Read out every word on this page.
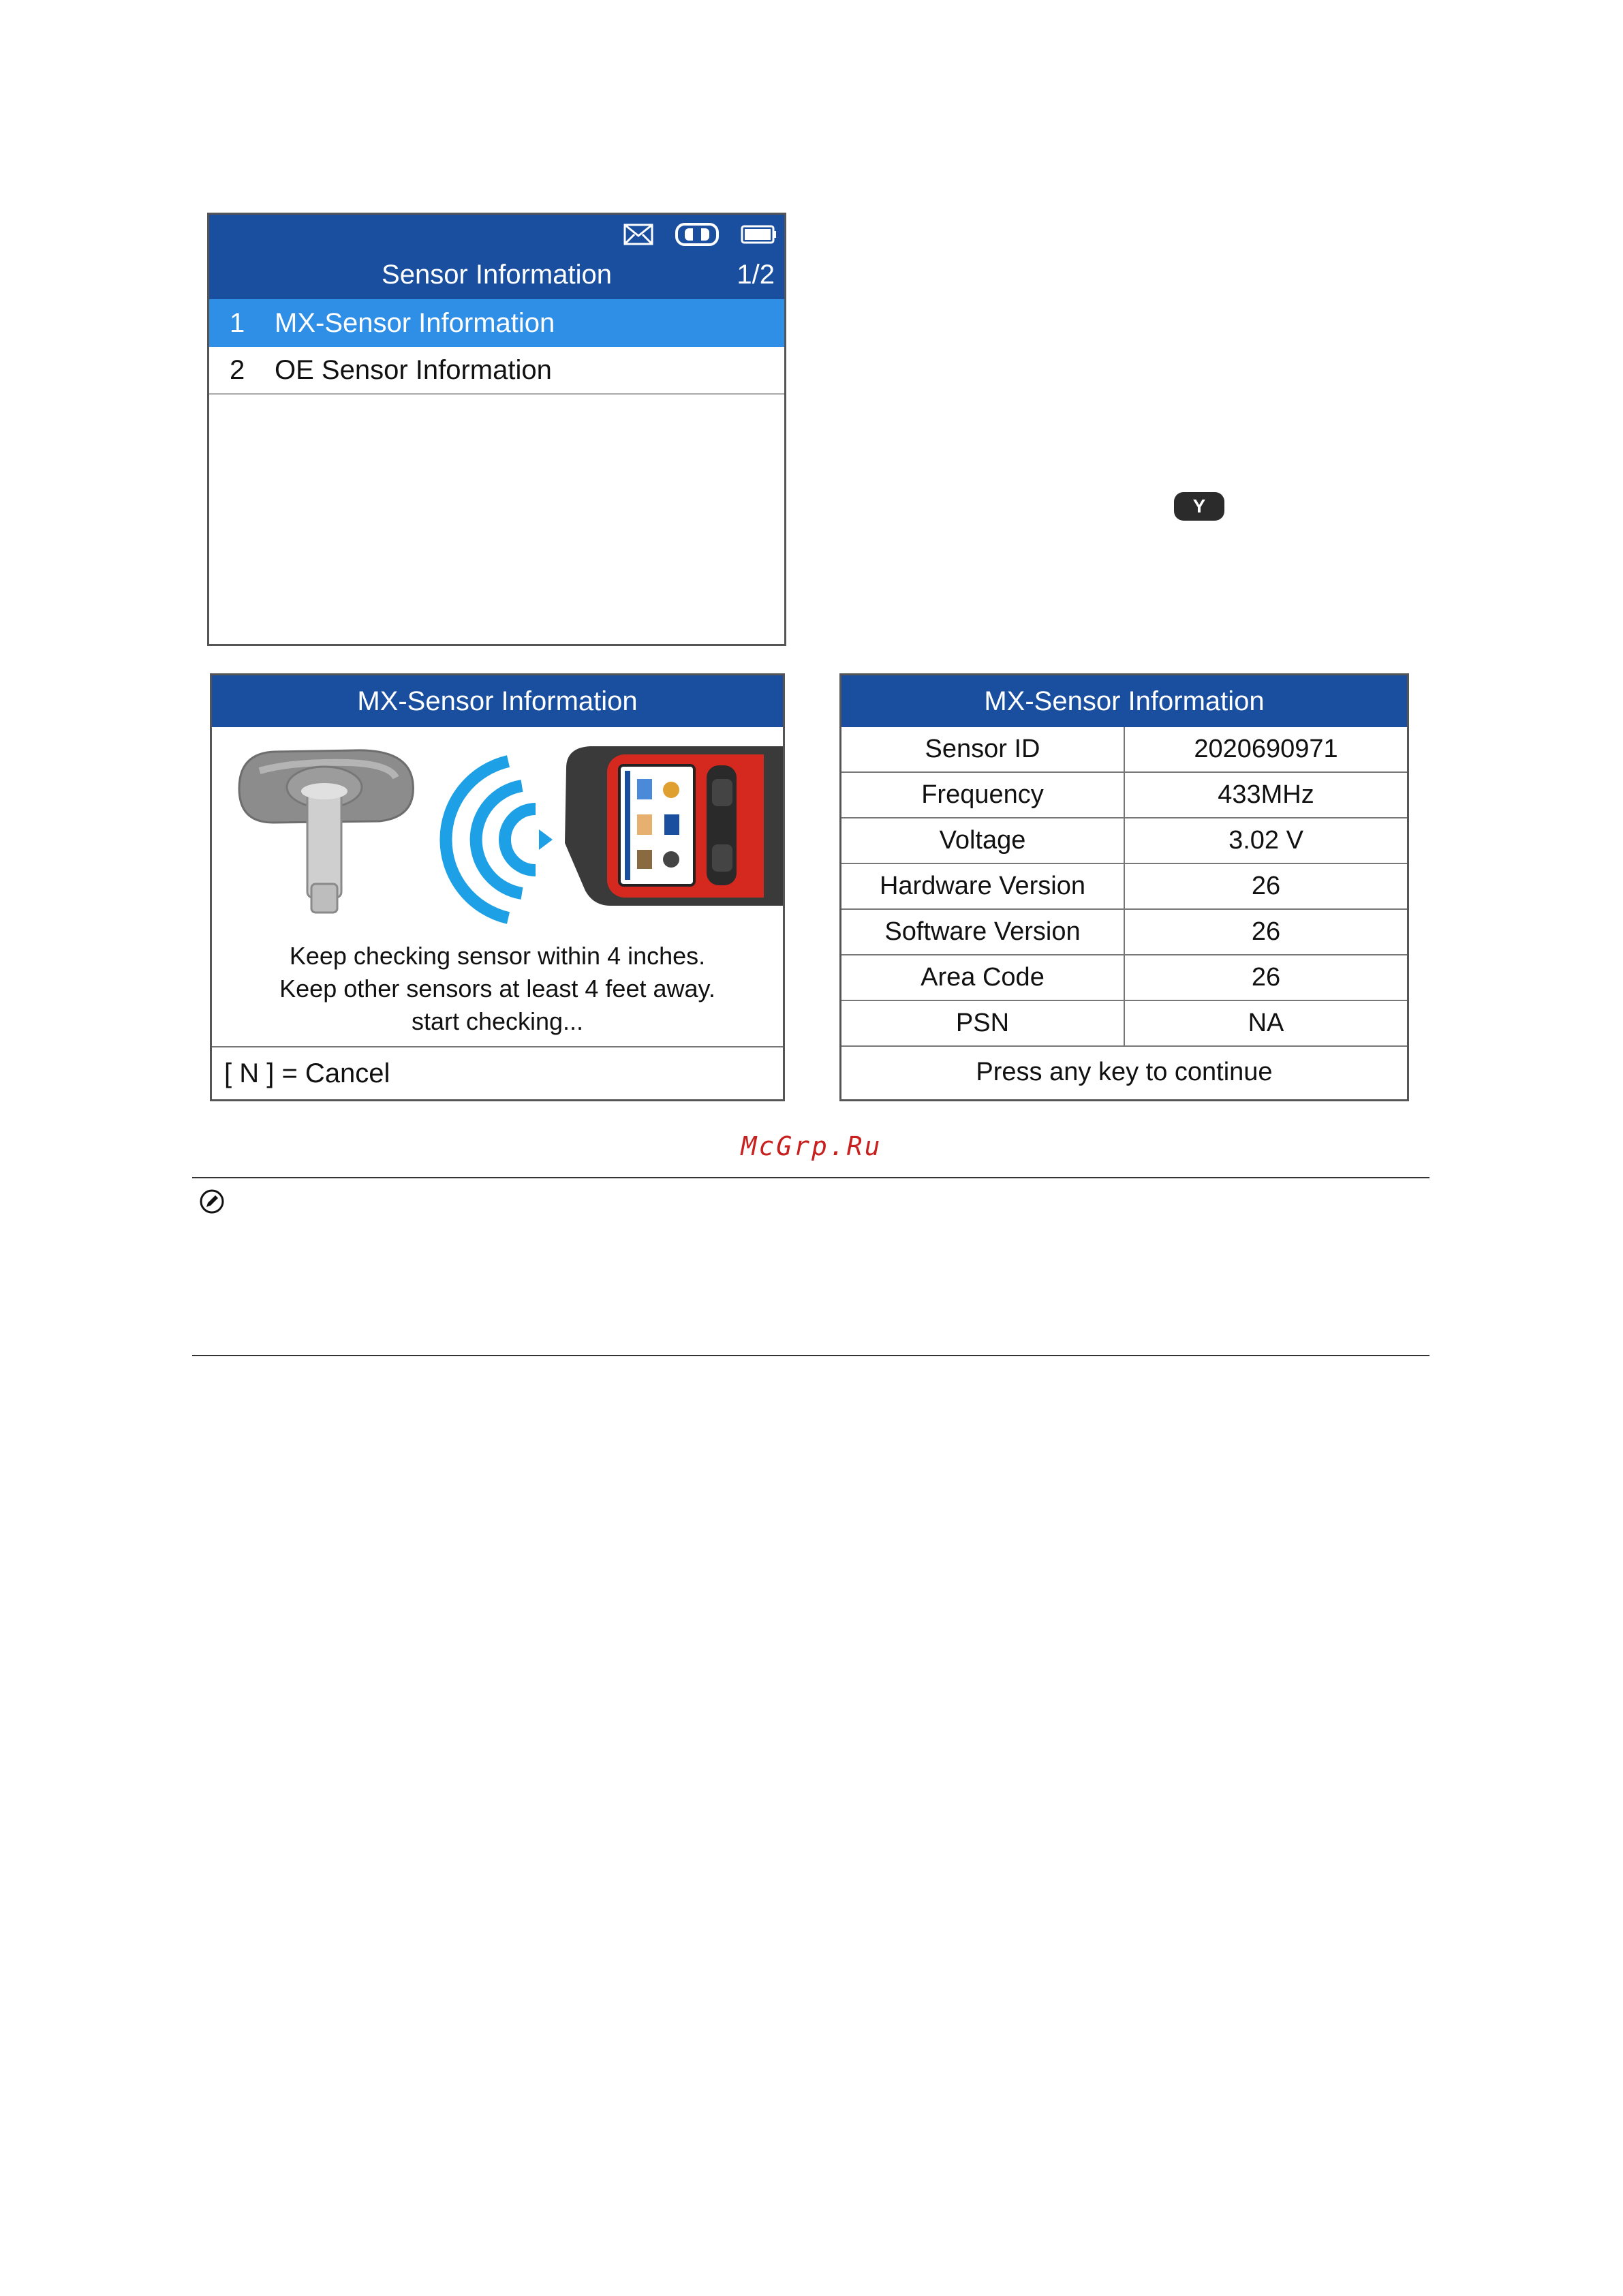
Sensor Information	1/2
1	MX-Sensor Information
2	OE Sensor Information
Y
MX-Sensor Information
Keep checking sensor within 4 inches.
Keep other sensors at least 4 feet away.
start checking...
[ N ] = Cancel
MX-Sensor Information
Sensor ID	2020690971
Frequency	433MHz
Voltage	3.02 V
Hardware Version	26
Software Version	26
Area Code	26
PSN	NA
Press any key to continue	
McGrp.Ru
